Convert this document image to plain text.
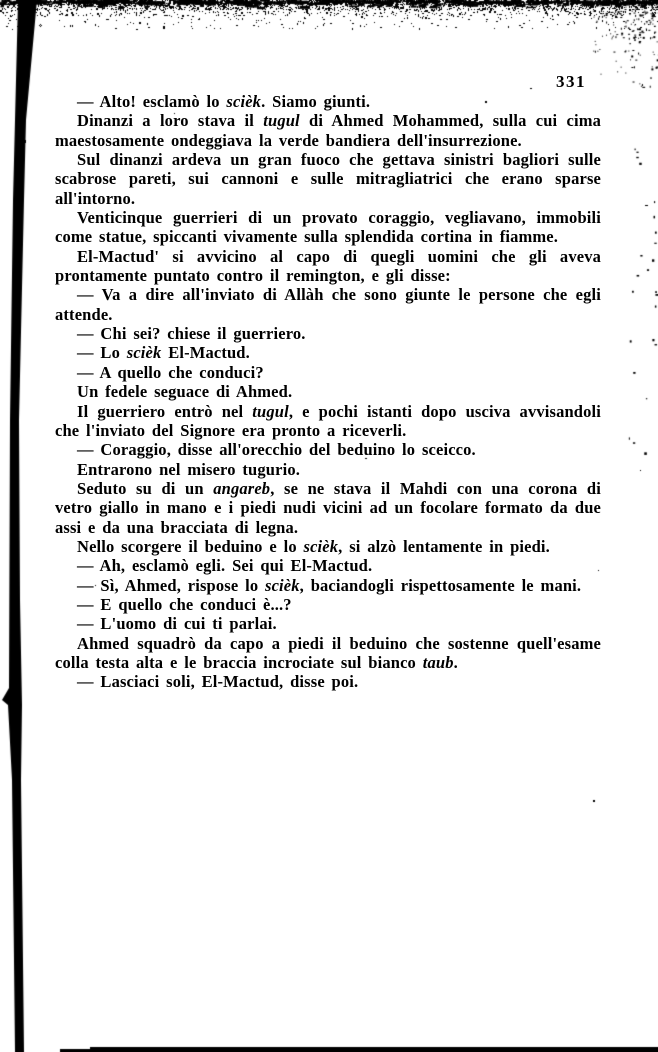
331

— Alto! esclamò lo scièk. Siamo giunti.

Dinanzi a loro stava il tugul di Ahmed Mohammed, sulla cui cima maestosamente ondeggiava la verde bandiera dell'insurrezione.

Sul dinanzi ardeva un gran fuoco che gettava sinistri bagliori sulle scabrose pareti, sui cannoni e sulle mitragliatrici che erano sparse all'intorno.

Venticinque guerrieri di un provato coraggio, vegliavano, immobili come statue, spiccanti vivamente sulla splendida cortina in fiamme.

El-Mactud' si avvicino al capo di quegli uomini che gli aveva prontamente puntato contro il remington, e gli disse:

— Va a dire all'inviato di Allàh che sono giunte le persone che egli attende.

— Chi sei? chiese il guerriero.

— Lo scièk El-Mactud.

— A quello che conduci?

Un fedele seguace di Ahmed.

Il guerriero entrò nel tugul, e pochi istanti dopo usciva avvisandoli che l'inviato del Signore era pronto a riceverli.

— Coraggio, disse all'orecchio del beduino lo sceicco.

Entrarono nel misero tugurio.

Seduto su di un angareb, se ne stava il Mahdi con una corona di vetro giallo in mano e i piedi nudi vicini ad un focolare formato da due assi e da una bracciata di legna.

Nello scorgere il beduino e lo scièk, si alzò lentamente in piedi.

— Ah, esclamò egli. Sei qui El-Mactud.

— Sì, Ahmed, rispose lo scièk, baciandogli rispettosamente le mani.

— E quello che conduci è...?

— L'uomo di cui ti parlai.

Ahmed squadrò da capo a piedi il beduino che sostenne quell'esame colla testa alta e le braccia incrociate sul bianco taub.

— Lasciaci soli, El-Mactud, disse poi.
